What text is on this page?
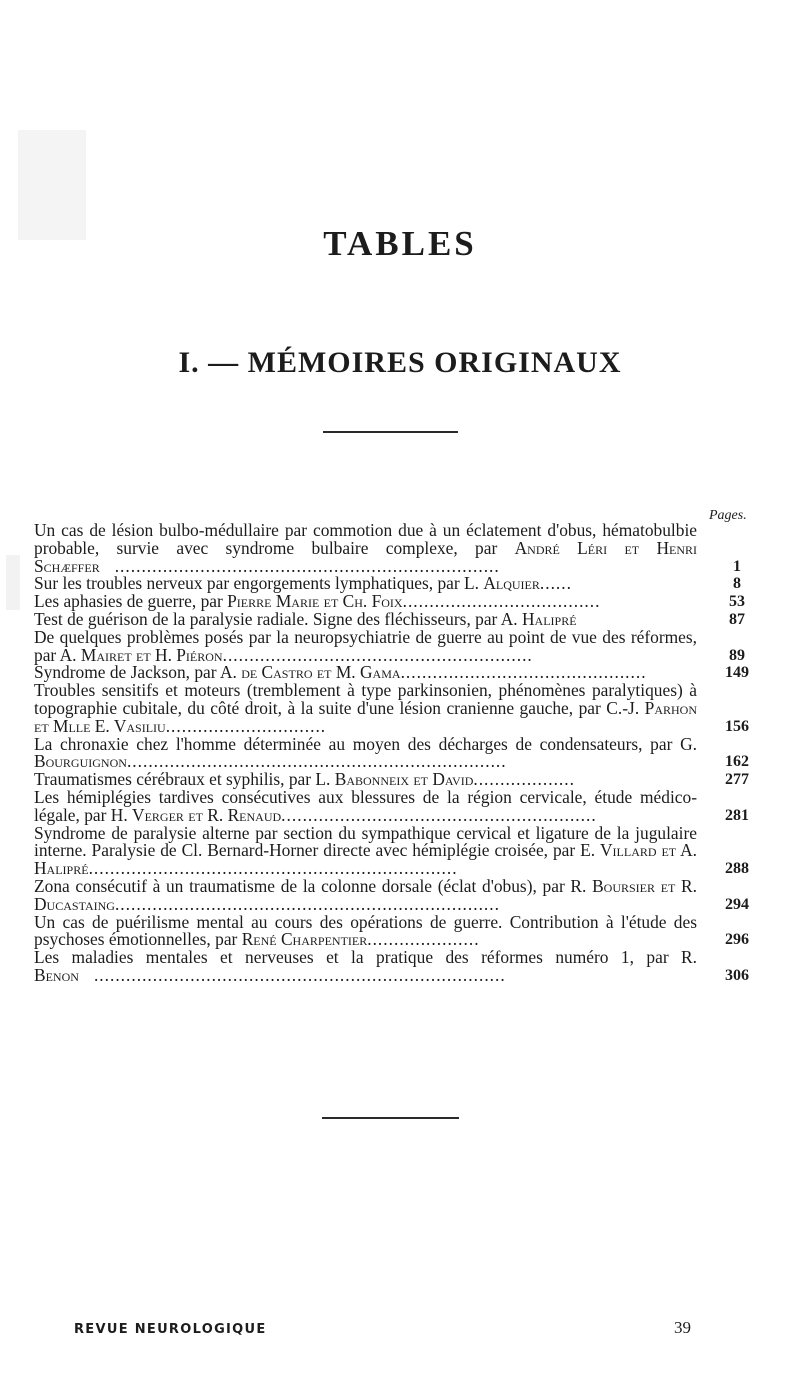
TABLES
I. — MÉMOIRES ORIGINAUX
Pages.
Un cas de lésion bulbo-médullaire par commotion due à un éclatement d'obus, hématobulbie probable, survie avec syndrome bulbaire complexe, par André Léri et Henri Schæffer ........................................................................	1
Sur les troubles nerveux par engorgements lymphatiques, par L. Alquier......	8
Les aphasies de guerre, par Pierre Marie et Ch. Foix.....................................	53
Test de guérison de la paralysie radiale. Signe des fléchisseurs, par A. Halipré	87
De quelques problèmes posés par la neuropsychiatrie de guerre au point de vue des réformes, par A. Mairet et H. Piéron..........................................................	89
Syndrome de Jackson, par A. de Castro et M. Gama..............................................	149
Troubles sensitifs et moteurs (tremblement à type parkinsonien, phénomènes paralytiques) à topographie cubitale, du côté droit, à la suite d'une lésion cranienne gauche, par C.-J. Parhon et Mlle E. Vasiliu..............................	156
La chronaxie chez l'homme déterminée au moyen des décharges de condensateurs, par G. Bourguignon.......................................................................	162
Traumatismes cérébraux et syphilis, par L. Babonneix et David...................	277
Les hémiplégies tardives consécutives aux blessures de la région cervicale, étude médico-légale, par H. Verger et R. Renaud...........................................................	281
Syndrome de paralysie alterne par section du sympathique cervical et ligature de la jugulaire interne. Paralysie de Cl. Bernard-Horner directe avec hémiplégie croisée, par E. Villard et A. Halipré.....................................................................	288
Zona consécutif à un traumatisme de la colonne dorsale (éclat d'obus), par R. Boursier et R. Ducastaing........................................................................	294
Un cas de puérilisme mental au cours des opérations de guerre. Contribution à l'étude des psychoses émotionnelles, par René Charpentier.....................	296
Les maladies mentales et nerveuses et la pratique des réformes numéro 1, par R. Benon .............................................................................	306
REVUE NEUROLOGIQUE	39
